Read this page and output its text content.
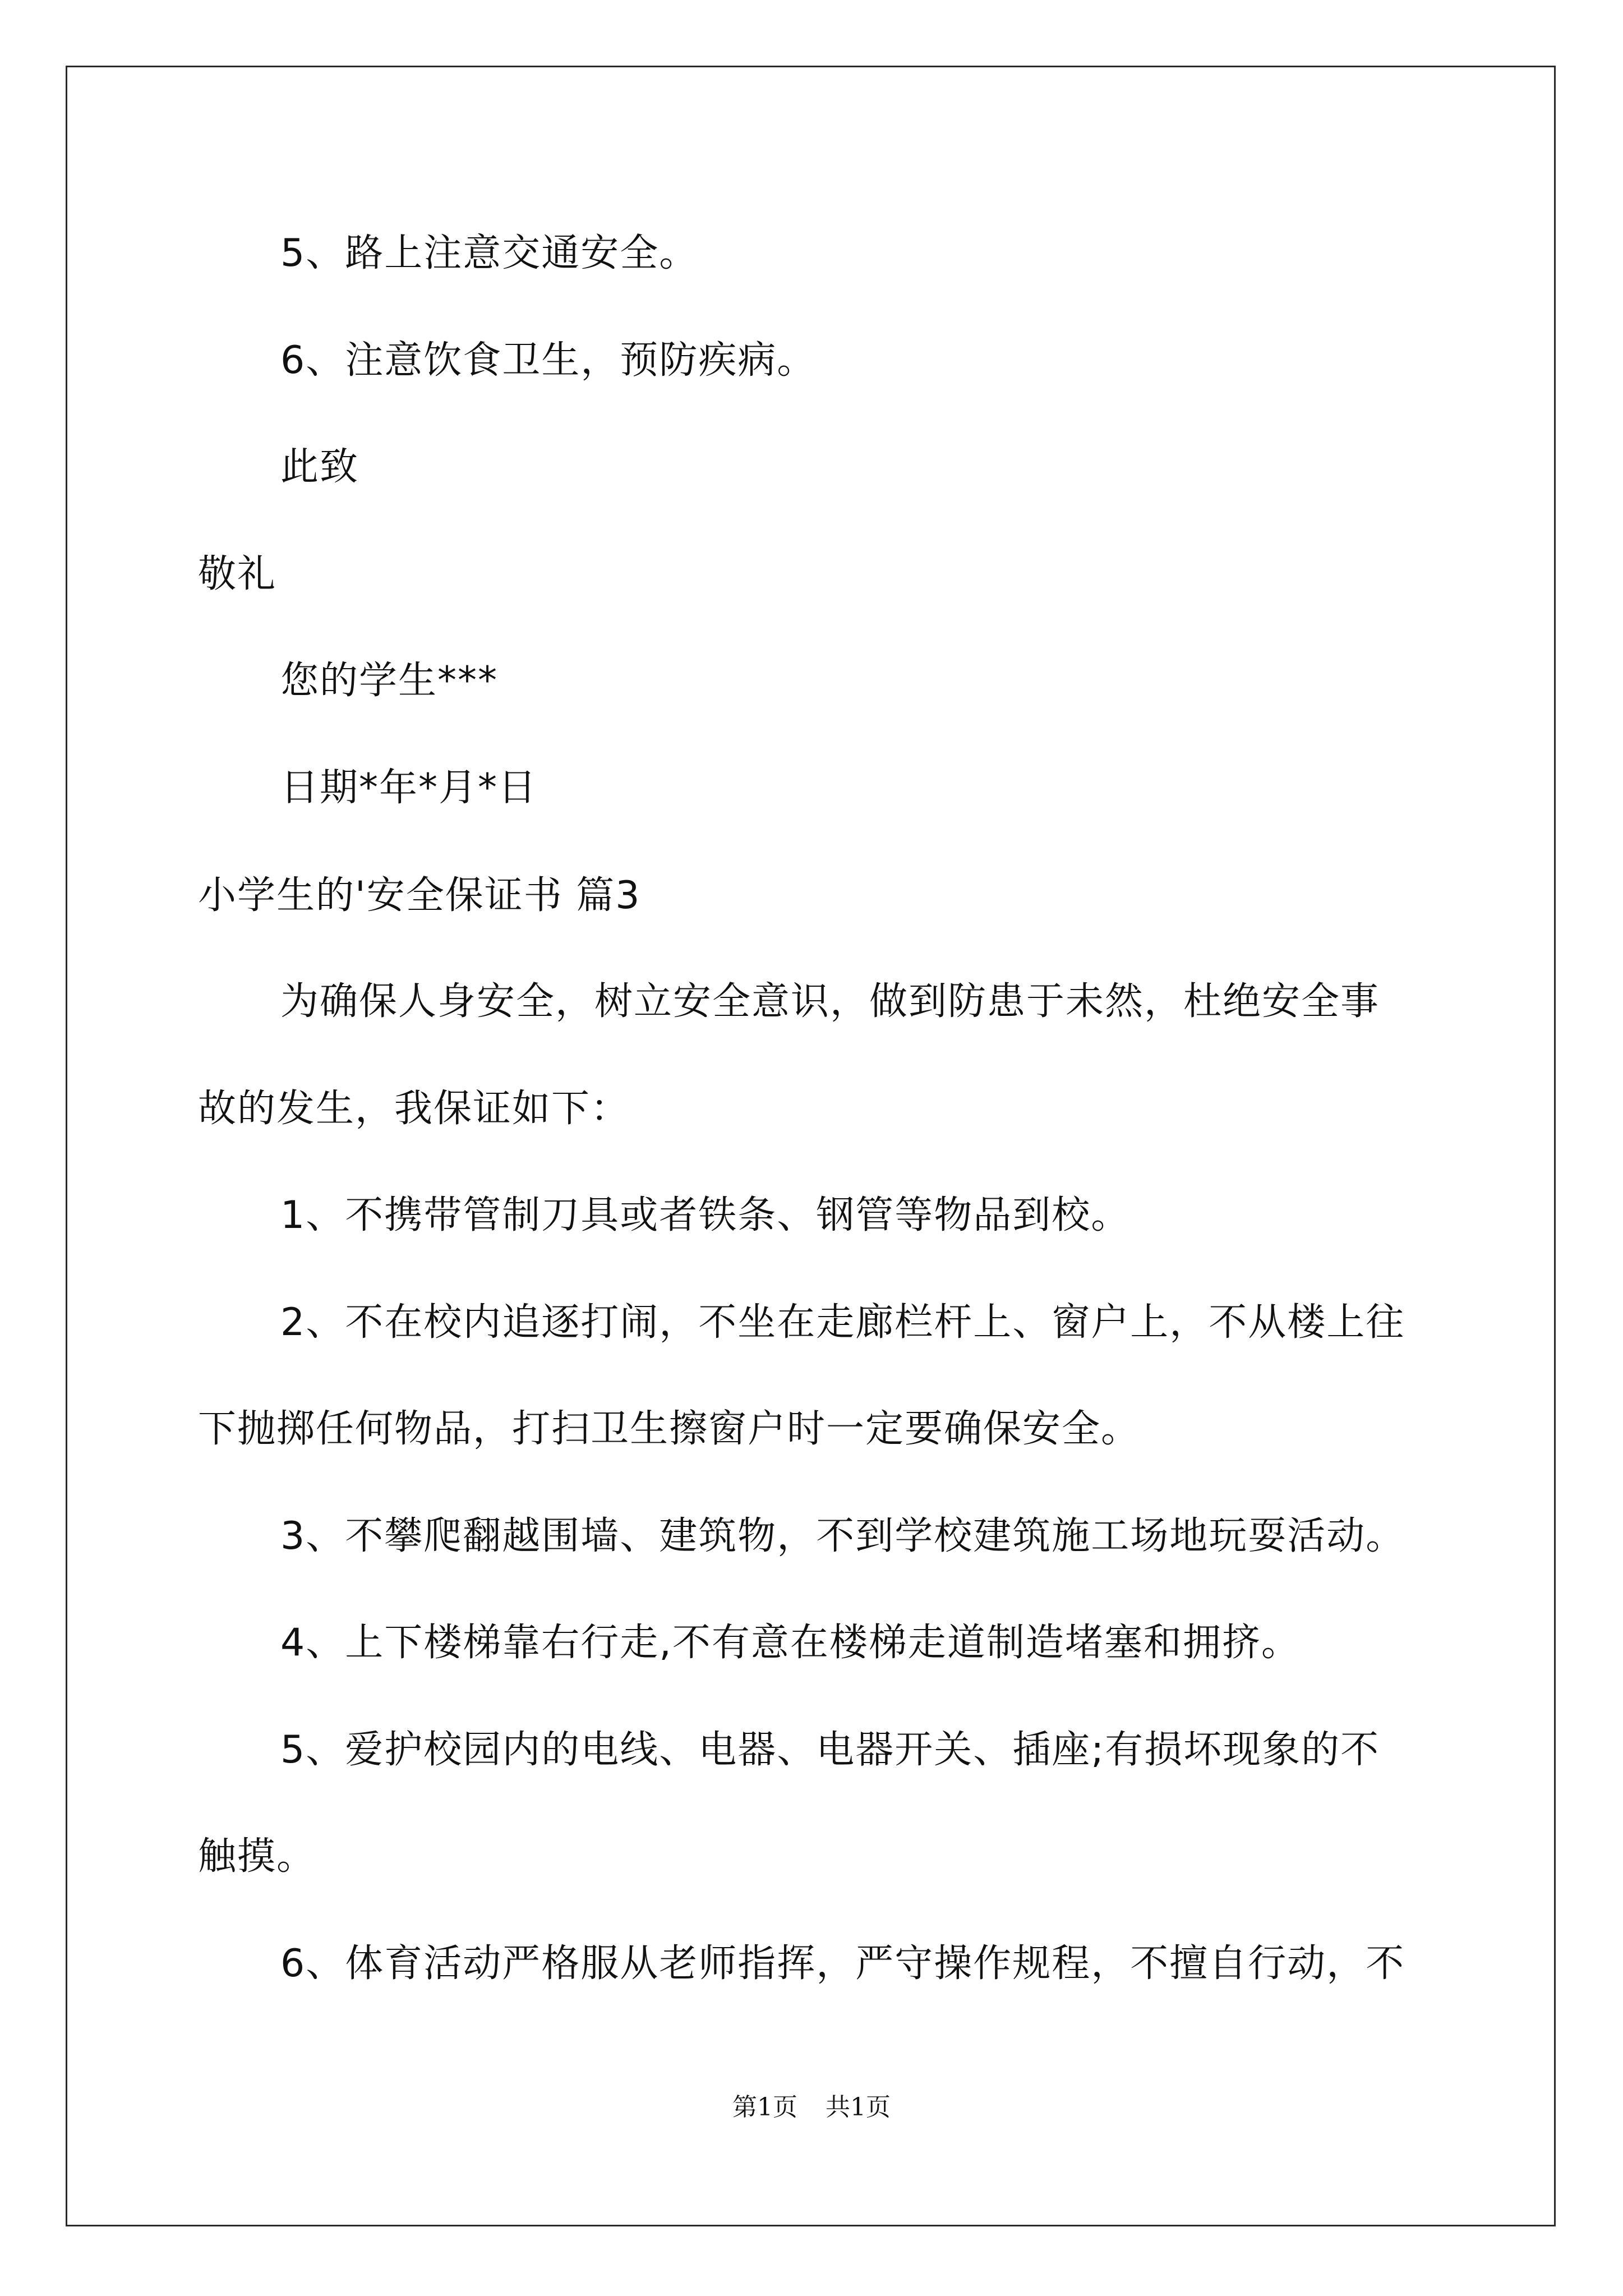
5、路上注意交通安全。
6、注意饮食卫生，预防疾病。
此致
敬礼
您的学生***
日期*年*月*日
小学生的'安全保证书 篇3
为确保人身安全，树立安全意识，做到防患于未然，杜绝安全事
故的发生，我保证如下：
1、不携带管制刀具或者铁条、钢管等物品到校。
2、不在校内追逐打闹，不坐在走廊栏杆上、窗户上，不从楼上往
下抛掷任何物品，打扫卫生擦窗户时一定要确保安全。
3、不攀爬翻越围墙、建筑物，不到学校建筑施工场地玩耍活动。
4、上下楼梯靠右行走,不有意在楼梯走道制造堵塞和拥挤。
5、爱护校园内的电线、电器、电器开关、插座;有损坏现象的不
触摸。
6、体育活动严格服从老师指挥，严守操作规程，不擅自行动，不
第1页 共1页
